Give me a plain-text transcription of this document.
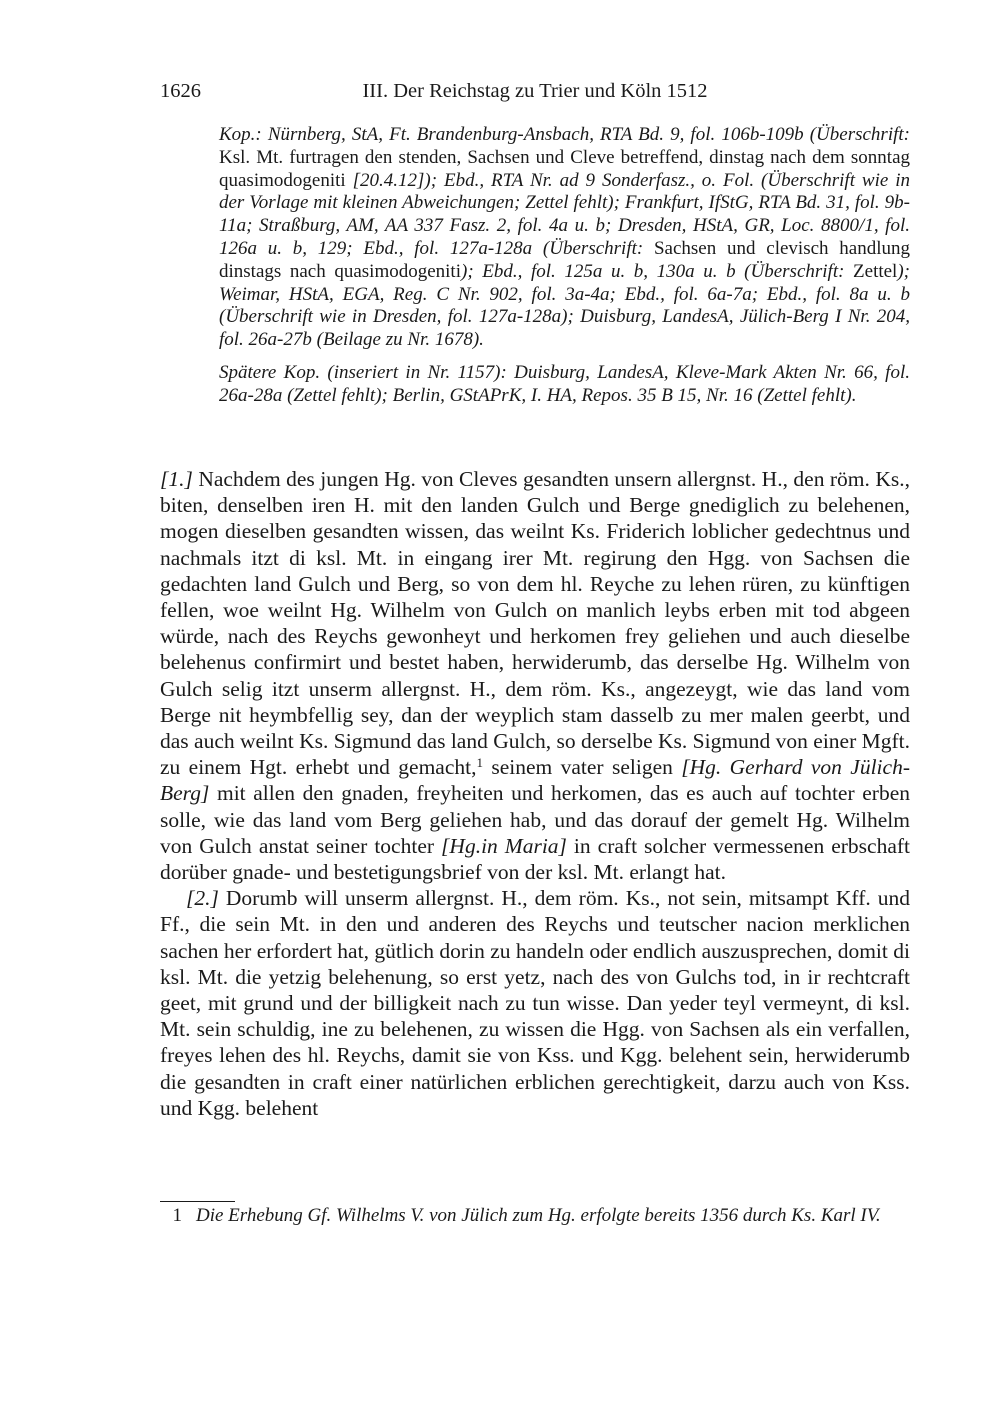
1626	III. Der Reichstag zu Trier und Köln 1512

Kop.: Nürnberg, StA, Ft. Brandenburg-Ansbach, RTA Bd. 9, fol. 106b-109b (Überschrift: Ksl. Mt. furtragen den stenden, Sachsen und Cleve betreffend, dinstag nach dem sonntag quasimodogeniti [20.4.12]); Ebd., RTA Nr. ad 9 Sonderfasz., o. Fol. (Überschrift wie in der Vorlage mit kleinen Abweichungen; Zettel fehlt); Frankfurt, IfStG, RTA Bd. 31, fol. 9b-11a; Straßburg, AM, AA 337 Fasz. 2, fol. 4a u. b; Dresden, HStA, GR, Loc. 8800/1, fol. 126a u. b, 129; Ebd., fol. 127a-128a (Überschrift: Sachsen und clevisch handlung dinstags nach quasimodogeniti); Ebd., fol. 125a u. b, 130a u. b (Überschrift: Zettel); Weimar, HStA, EGA, Reg. C Nr. 902, fol. 3a-4a; Ebd., fol. 6a-7a; Ebd., fol. 8a u. b (Überschrift wie in Dresden, fol. 127a-128a); Duisburg, LandesA, Jülich-Berg I Nr. 204, fol. 26a-27b (Beilage zu Nr. 1678).

Spätere Kop. (inseriert in Nr. 1157): Duisburg, LandesA, Kleve-Mark Akten Nr. 66, fol. 26a-28a (Zettel fehlt); Berlin, GStAPrK, I. HA, Repos. 35 B 15, Nr. 16 (Zettel fehlt).

[1.] Nachdem des jungen Hg. von Cleves gesandten unsern allergnst. H., den röm. Ks., biten, denselben iren H. mit den landen Gulch und Berge gnediglich zu belehenen, mogen dieselben gesandten wissen, das weilnt Ks. Friderich loblicher gedechtnus und nachmals itzt di ksl. Mt. in eingang irer Mt. regirung den Hgg. von Sachsen die gedachten land Gulch und Berg, so von dem hl. Reyche zu lehen rüren, zu künftigen fellen, woe weilnt Hg. Wilhelm von Gulch on manlich leybs erben mit tod abgeen würde, nach des Reychs gewonheyt und herkomen frey geliehen und auch dieselbe belehenus confirmirt und bestet haben, herwiderumb, das derselbe Hg. Wilhelm von Gulch selig itzt unserm allergnst. H., dem röm. Ks., angezeygt, wie das land vom Berge nit heymbfellig sey, dan der weyplich stam dasselb zu mer malen geerbt, und das auch weilnt Ks. Sigmund das land Gulch, so derselbe Ks. Sigmund von einer Mgft. zu einem Hgt. erhebt und gemacht,$^1$ seinem vater seligen [Hg. Gerhard von Jülich-Berg] mit allen den gnaden, freyheiten und herkomen, das es auch auf tochter erben solle, wie das land vom Berg geliehen hab, und das dorauf der gemelt Hg. Wilhelm von Gulch anstat seiner tochter [Hg.in Maria] in craft solcher vermessenen erbschaft dorüber gnade- und bestetigungsbrief von der ksl. Mt. erlangt hat.

[2.] Dorumb will unserm allergnst. H., dem röm. Ks., not sein, mitsampt Kff. und Ff., die sein Mt. in den und anderen des Reychs und teutscher nacion merklichen sachen her erfordert hat, gütlich dorin zu handeln oder endlich auszusprechen, domit di ksl. Mt. die yetzig belehenung, so erst yetz, nach des von Gulchs tod, in ir rechtcraft geet, mit grund und der billigkeit nach zu tun wisse. Dan yeder teyl vermeynt, di ksl. Mt. sein schuldig, ine zu belehenen, zu wissen die Hgg. von Sachsen als ein verfallen, freyes lehen des hl. Reychs, damit sie von Kss. und Kgg. belehent sein, herwiderumb die gesandten in craft einer natürlichen erblichen gerechtigkeit, darzu auch von Kss. und Kgg. belehent

1 Die Erhebung Gf. Wilhelms V. von Jülich zum Hg. erfolgte bereits 1356 durch Ks. Karl IV.
